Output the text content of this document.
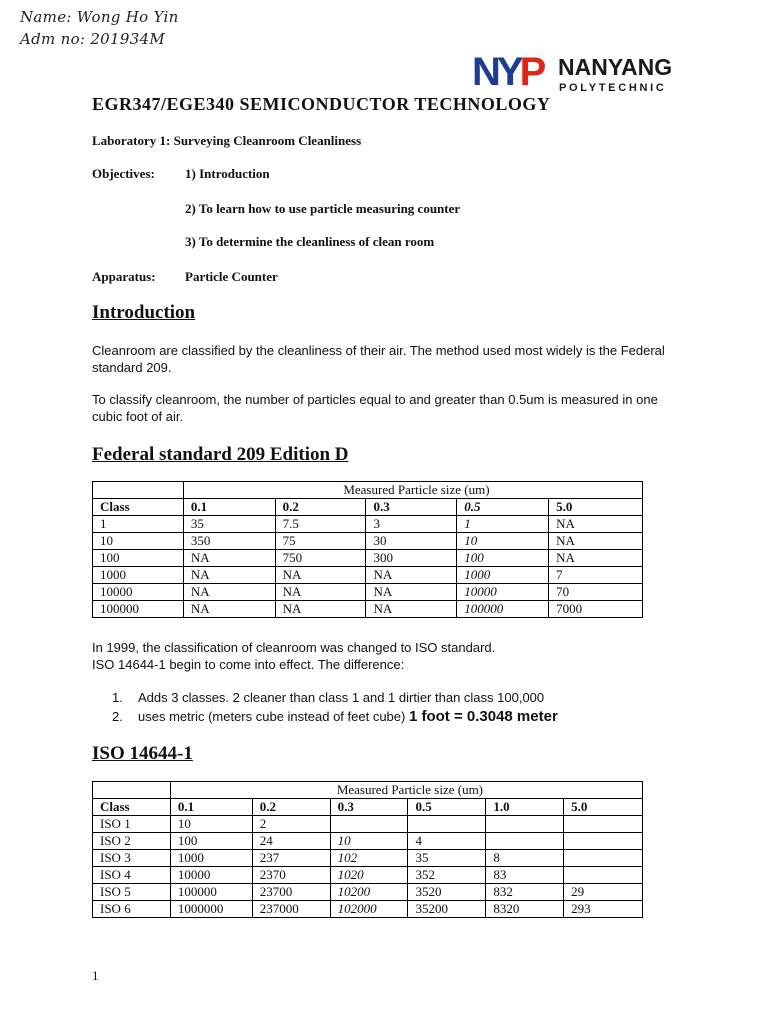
Name: Wong Ho Yin
Adm no: 201934M
NYP NANYANG
POLYTECHNIC
EGR347/EGE340 SEMICONDUCTOR TECHNOLOGY
Laboratory 1: Surveying Cleanroom Cleanliness
Objectives: 1) Introduction
2) To learn how to use particle measuring counter
3) To determine the cleanliness of clean room
Apparatus: Particle Counter
Introduction
Cleanroom are classified by the cleanliness of their air. The method used most widely is the Federal standard 209.
To classify cleanroom, the number of particles equal to and greater than 0.5um is measured in one cubic foot of air.
Federal standard 209 Edition D
	Measured Particle size (um)				
Class	0.1	0.2	0.3	0.5	5.0
1	35	7.5	3	1	NA
10	350	75	30	10	NA
100	NA	750	300	100	NA
1000	NA	NA	NA	1000	7
10000	NA	NA	NA	10000	70
100000	NA	NA	NA	100000	7000
In 1999, the classification of cleanroom was changed to ISO standard.
ISO 14644-1 begin to come into effect. The difference:
1. Adds 3 classes. 2 cleaner than class 1 and 1 dirtier than class 100,000
2. uses metric (meters cube instead of feet cube) 1 foot = 0.3048 meter
ISO 14644-1
	Measured Particle size (um)					
Class	0.1	0.2	0.3	0.5	1.0	5.0
ISO 1	10	2				
ISO 2	100	24	10	4		
ISO 3	1000	237	102	35	8	
ISO 4	10000	2370	1020	352	83	
ISO 5	100000	23700	10200	3520	832	29
ISO 6	1000000	237000	102000	35200	8320	293
1
